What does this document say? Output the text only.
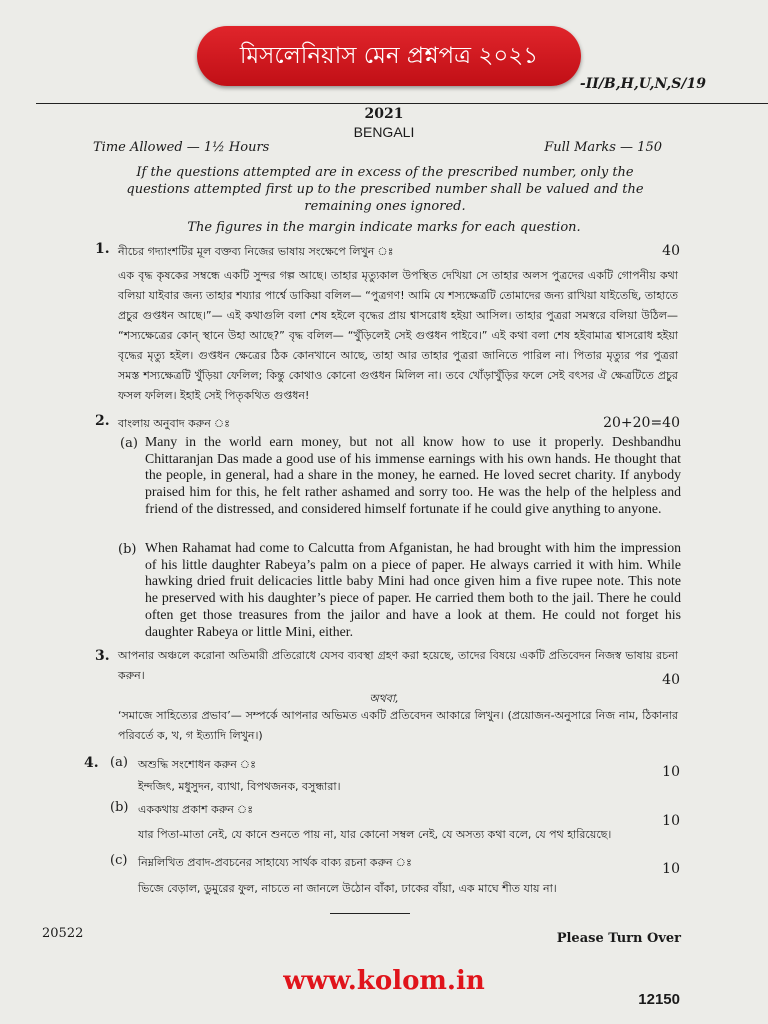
মিসলেনিয়াস মেন প্রশ্নপত্র ২০২১
-II/B,H,U,N,S/19
2021
BENGALI
Time Allowed — 1½ Hours	Full Marks — 150
If the questions attempted are in excess of the prescribed number, only the questions attempted first up to the prescribed number shall be valued and the remaining ones ignored.
The figures in the margin indicate marks for each question.
1. নীচের গদ্যাংশটির মূল বক্তব্য নিজের ভাষায় সংক্ষেপে লিখুন ঃ	40
এক বৃদ্ধ কৃষকের সম্বন্ধে একটি সুন্দর গল্প আছে। তাহার মৃত্যুকাল উপস্থিত দেখিয়া সে তাহার অলস পুত্রদের একটি গোপনীয় কথা বলিয়া যাইবার জন্য তাহার শয্যার পার্শ্বে ডাকিয়া বলিল— “পুত্রগণ! আমি যে শস্যক্ষেত্রটি তোমাদের জন্য রাখিয়া যাইতেছি, তাহাতে প্রচুর গুপ্তধন আছে।”— এই কথাগুলি বলা শেষ হইলে বৃদ্ধের প্রায় শ্বাসরোধ হইয়া আসিল। তাহার পুত্ররা সমস্বরে বলিয়া উঠিল— “শস্যক্ষেত্রের কোন্ স্থানে উহা আছে?” বৃদ্ধ বলিল— “খুঁড়িলেই সেই গুপ্তধন পাইবে।” এই কথা বলা শেষ হইবামাত্র শ্বাসরোধ হইয়া বৃদ্ধের মৃত্যু হইল। গুপ্তধন ক্ষেত্রের ঠিক কোনখানে আছে, তাহা আর তাহার পুত্ররা জানিতে পারিল না। পিতার মৃত্যুর পর পুত্ররা সমস্ত শস্যক্ষেত্রটি খুঁড়িয়া ফেলিল; কিন্তু কোথাও কোনো গুপ্তধন মিলিল না। তবে খোঁড়াখুঁড়ির ফলে সেই বৎসর ঐ ক্ষেত্রটিতে প্রচুর ফসল ফলিল। ইহাই সেই পিতৃকথিত গুপ্তধন!
2. বাংলায় অনুবাদ করুন ঃ	20+20=40
(a) Many in the world earn money, but not all know how to use it properly. Deshbandhu Chittaranjan Das made a good use of his immense earnings with his own hands. He thought that the people, in general, had a share in the money, he earned. He loved secret charity. If anybody praised him for this, he felt rather ashamed and sorry too. He was the help of the helpless and friend of the distressed, and considered himself fortunate if he could give anything to anyone.
(b) When Rahamat had come to Calcutta from Afganistan, he had brought with him the impression of his little daughter Rabeya’s palm on a piece of paper. He always carried it with him. While hawking dried fruit delicacies little baby Mini had once given him a five rupee note. This note he preserved with his daughter’s piece of paper. He carried them both to the jail. There he could often get those treasures from the jailor and have a look at them. He could not forget his daughter Rabeya or little Mini, either.
3. আপনার অঞ্চলে করোনা অতিমারী প্রতিরোধে যেসব ব্যবস্থা গ্রহণ করা হয়েছে, তাদের বিষয়ে একটি প্রতিবেদন নিজস্ব ভাষায় রচনা করুন।	40
অথবা,
‘সমাজে সাহিত্যের প্রভাব’— সম্পর্কে আপনার অভিমত একটি প্রতিবেদন আকারে লিখুন। (প্রয়োজন-অনুসারে নিজ নাম, ঠিকানার পরিবর্তে ক, খ, গ ইত্যাদি লিখুন।)
4. (a) অশুদ্ধি সংশোধন করুন ঃ	10
ইন্দজিৎ, মধুসুদন, ব্যাথা, বিপথজনক, বসুন্ধারা।
(b) এককথায় প্রকাশ করুন ঃ
10
যার পিতা-মাতা নেই, যে কানে শুনতে পায় না, যার কোনো সম্বল নেই, যে অসত্য কথা বলে, যে পথ হারিয়েছে।
(c) নিম্নলিখিত প্রবাদ-প্রবচনের সাহায্যে সার্থক বাক্য রচনা করুন ঃ	10
ভিজে বেড়াল, ডুমুরের ফুল, নাচতে না জানলে উঠোন বাঁকা, ঢাকের বাঁয়া, এক মাঘে শীত যায় না।
20522	Please Turn Over
www.kolom.in
12150
